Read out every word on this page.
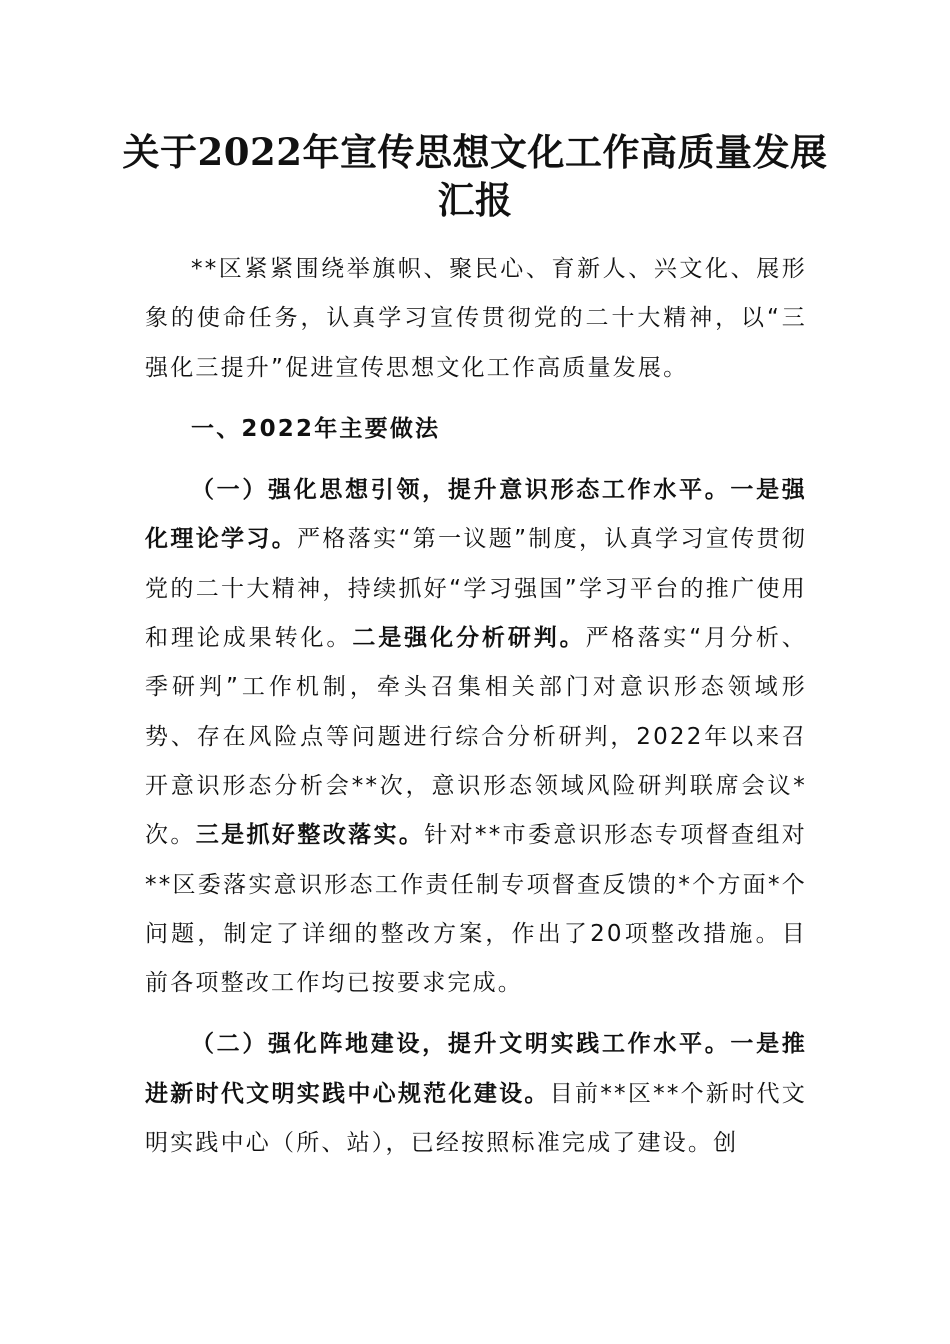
关于2022年宣传思想文化工作高质量发展
汇报

**区紧紧围绕举旗帜、聚民心、育新人、兴文化、展形象的使命任务，认真学习宣传贯彻党的二十大精神，以“三强化三提升”促进宣传思想文化工作高质量发展。

一、2022年主要做法

（一）强化思想引领，提升意识形态工作水平。一是强化理论学习。严格落实“第一议题”制度，认真学习宣传贯彻党的二十大精神，持续抓好“学习强国”学习平台的推广使用和理论成果转化。二是强化分析研判。严格落实“月分析、季研判”工作机制，牵头召集相关部门对意识形态领域形势、存在风险点等问题进行综合分析研判，2022年以来召开意识形态分析会**次，意识形态领域风险研判联席会议*次。三是抓好整改落实。针对**市委意识形态专项督查组对**区委落实意识形态工作责任制专项督查反馈的*个方面*个问题，制定了详细的整改方案，作出了20项整改措施。目前各项整改工作均已按要求完成。

（二）强化阵地建设，提升文明实践工作水平。一是推进新时代文明实践中心规范化建设。目前**区**个新时代文明实践中心（所、站），已经按照标准完成了建设。创
